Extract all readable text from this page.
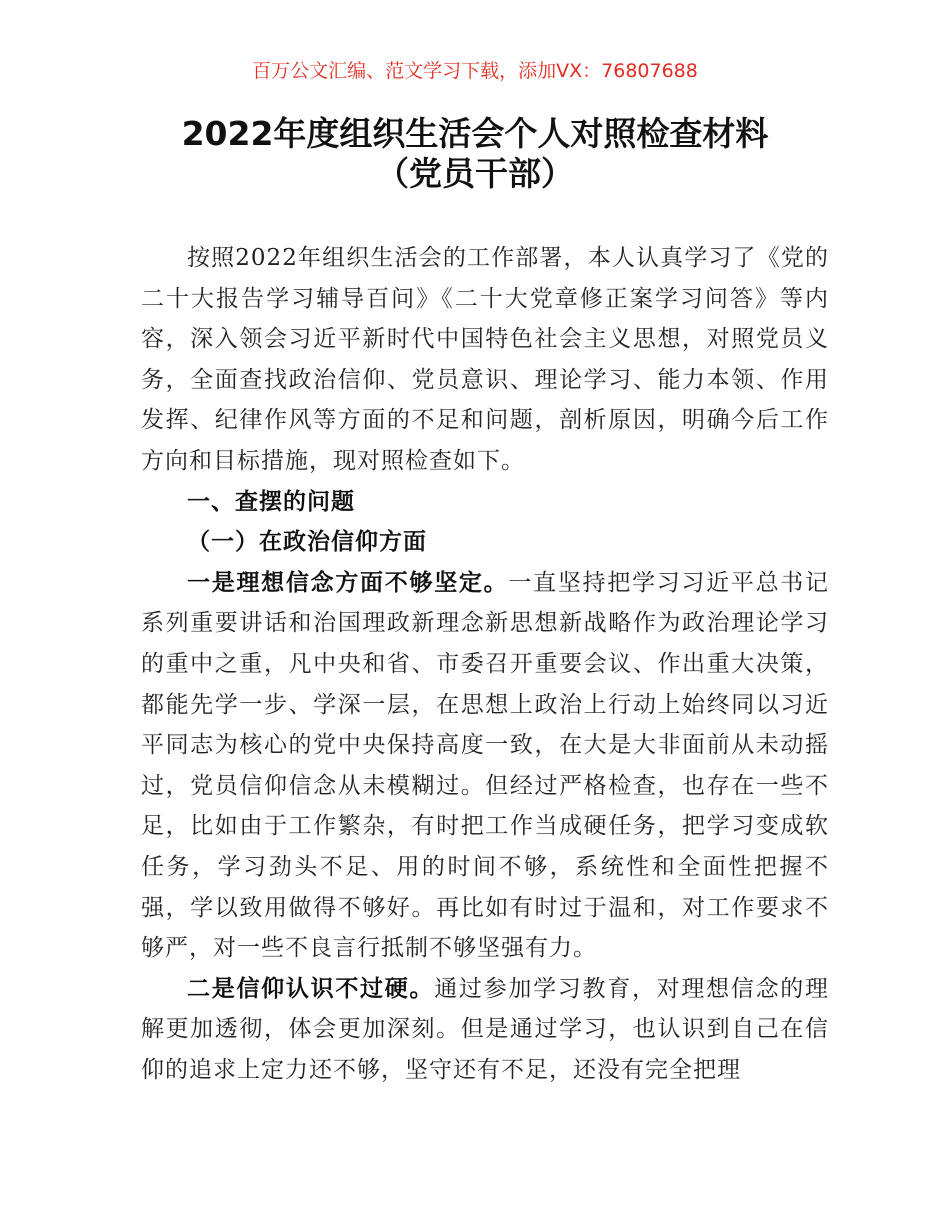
百万公文汇编、范文学习下载，添加VX：76807688
2022年度组织生活会个人对照检查材料
（党员干部）

按照2022年组织生活会的工作部署，本人认真学习了《党的二十大报告学习辅导百问》《二十大党章修正案学习问答》等内容，深入领会习近平新时代中国特色社会主义思想，对照党员义务，全面查找政治信仰、党员意识、理论学习、能力本领、作用发挥、纪律作风等方面的不足和问题，剖析原因，明确今后工作方向和目标措施，现对照检查如下。

一、查摆的问题

（一）在政治信仰方面

一是理想信念方面不够坚定。一直坚持把学习习近平总书记系列重要讲话和治国理政新理念新思想新战略作为政治理论学习的重中之重，凡中央和省、市委召开重要会议、作出重大决策，都能先学一步、学深一层，在思想上政治上行动上始终同以习近平同志为核心的党中央保持高度一致，在大是大非面前从未动摇过，党员信仰信念从未模糊过。但经过严格检查，也存在一些不足，比如由于工作繁杂，有时把工作当成硬任务，把学习变成软任务，学习劲头不足、用的时间不够，系统性和全面性把握不强，学以致用做得不够好。再比如有时过于温和，对工作要求不够严，对一些不良言行抵制不够坚强有力。

二是信仰认识不过硬。通过参加学习教育，对理想信念的理解更加透彻，体会更加深刻。但是通过学习，也认识到自己在信仰的追求上定力还不够，坚守还有不足，还没有完全把理
